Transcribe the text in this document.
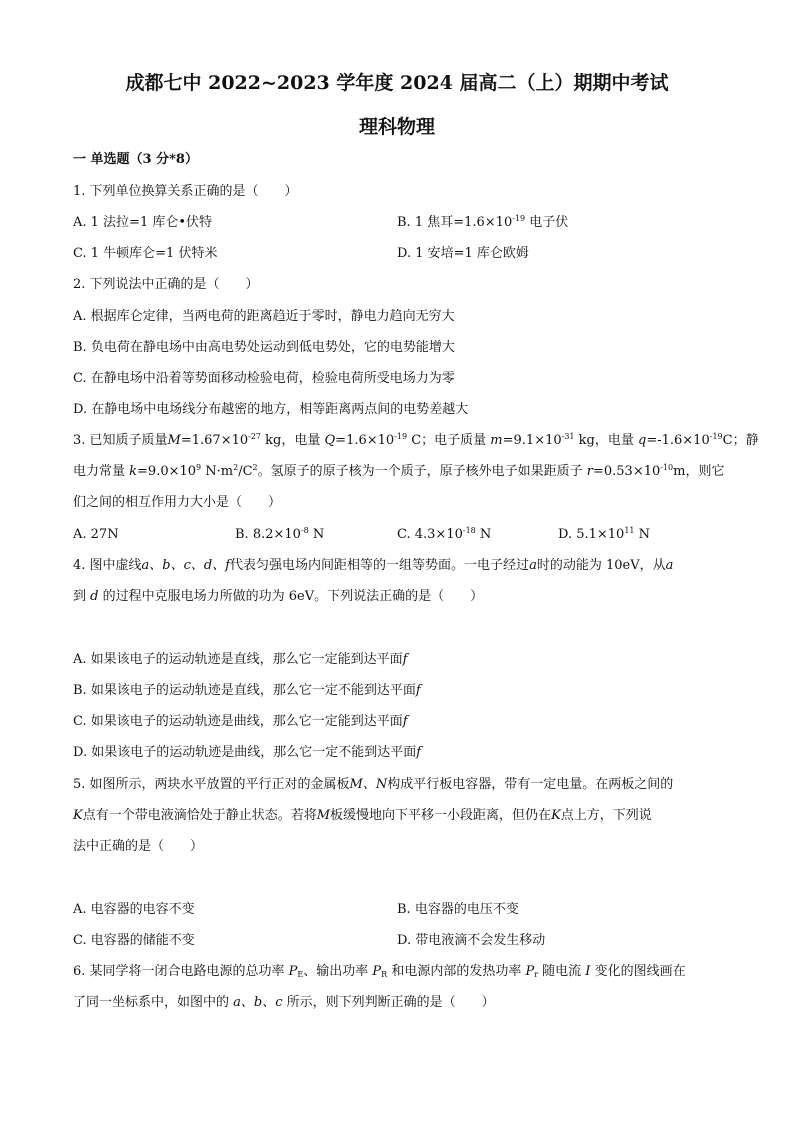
成都七中 2022~2023 学年度 2024 届高二（上）期期中考试
理科物理
一 单选题（3 分*8）
1. 下列单位换算关系正确的是（　　）
A. 1 法拉=1 库仑•伏特	B. 1 焦耳$=1.6\times 10^{-19}$ 电子伏
C. 1 牛顿库仑=1 伏特米	D. 1 安培=1 库仑欧姆
2. 下列说法中正确的是（　　）
A. 根据库仑定律，当两电荷的距离趋近于零时，静电力趋向无穷大
B. 负电荷在静电场中由高电势处运动到低电势处，它的电势能增大
C. 在静电场中沿着等势面移动检验电荷，检验电荷所受电场力为零
D. 在静电场中电场线分布越密的地方，相等距离两点间的电势差越大
3. 已知质子质量$M=1.67\times 10^{-27}$ kg，电量 $Q=1.6\times 10^{-19}$ C；电子质量 $m=9.1\times 10^{-31}$ kg，电量 $q=-1.6\times 10^{-19}C$；静
电力常量 $k=9.0\times 10^9$ $N\cdot m^2/C^2$。氢原子的原子核为一个质子，原子核外电子如果距质子 $r=0.53\times 10^{-10}m$，则它
们之间的相互作用力大小是（　　）
A. 27N	B. $8.2\times 10^{-8}$ N	C. $4.3\times 10^{-18}$ N	D. $5.1\times 10^{11}$ N
4. 图中虚线a、b、c、d、f代表匀强电场内间距相等的一组等势面。一电子经过a时的动能为 10eV，从a
到 d 的过程中克服电场力所做的功为 6eV。下列说法正确的是（　　）
A. 如果该电子的运动轨迹是直线，那么它一定能到达平面f
B. 如果该电子的运动轨迹是直线，那么它一定不能到达平面f
C. 如果该电子的运动轨迹是曲线，那么它一定能到达平面f
D. 如果该电子的运动轨迹是曲线，那么它一定不能到达平面f
5. 如图所示，两块水平放置的平行正对的金属板M、N构成平行板电容器，带有一定电量。在两板之间的
K点有一个带电液滴恰处于静止状态。若将M板缓慢地向下平移一小段距离，但仍在K点上方，下列说
法中正确的是（　　）
A. 电容器的电容不变	B. 电容器的电压不变
C. 电容器的储能不变	D. 带电液滴不会发生移动
6. 某同学将一闭合电路电源的总功率 $P_E$、输出功率 $P_R$ 和电源内部的发热功率 $P_r$ 随电流 I 变化的图线画在
了同一坐标系中，如图中的 a、b、c 所示，则下列判断正确的是（　　）
